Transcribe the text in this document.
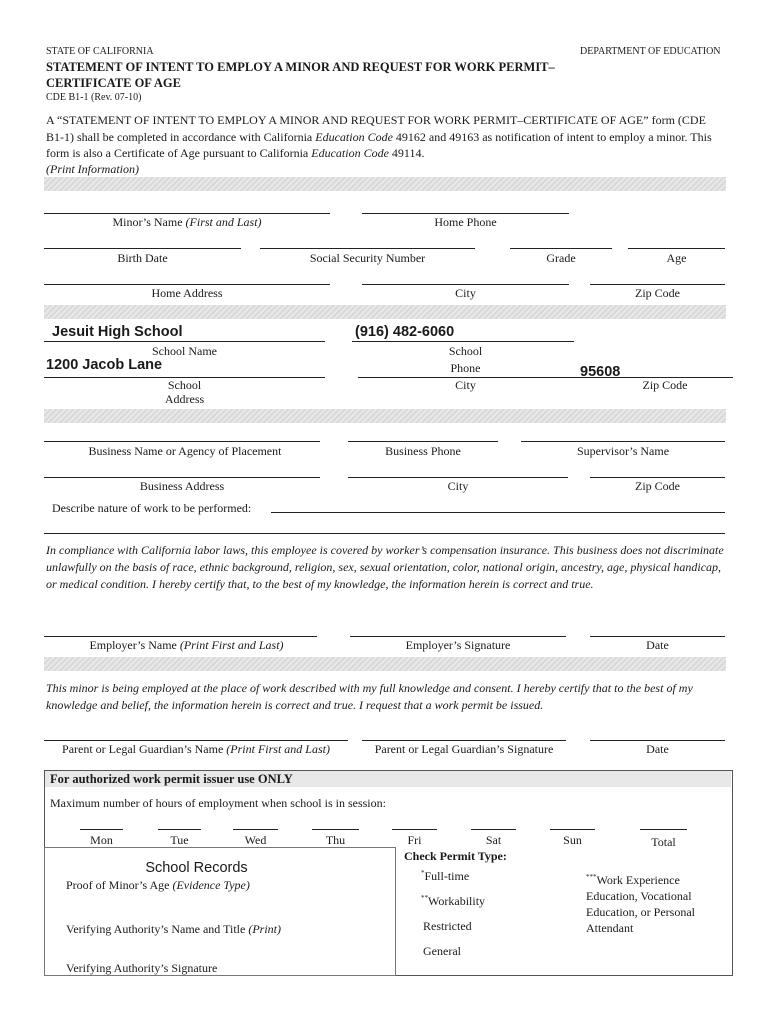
STATE OF CALIFORNIA	DEPARTMENT OF EDUCATION
STATEMENT OF INTENT TO EMPLOY A MINOR AND REQUEST FOR WORK PERMIT–
CERTIFICATE OF AGE
CDE B1-1 (Rev. 07-10)
A “STATEMENT OF INTENT TO EMPLOY A MINOR AND REQUEST FOR WORK PERMIT–CERTIFICATE OF AGE” form (CDE B1-1) shall be completed in accordance with California Education Code 49162 and 49163 as notification of intent to employ a minor. This form is also a Certificate of Age pursuant to California Education Code 49114.
(Print Information)
Minor’s Name (First and Last)	Home Phone
Birth Date	Social Security Number	Grade	Age
Home Address	City	Zip Code
Jesuit High School	(916) 482-6060
School Name	School
Phone
1200 Jacob Lane	95608
School
Address
City	Zip Code
Business Name or Agency of Placement	Business Phone	Supervisor’s Name
Business Address	City	Zip Code
Describe nature of work to be performed:
In compliance with California labor laws, this employee is covered by worker’s compensation insurance. This business does not discriminate unlawfully on the basis of race, ethnic background, religion, sex, sexual orientation, color, national origin, ancestry, age, physical handicap, or medical condition. I hereby certify that, to the best of my knowledge, the information herein is correct and true.
Employer’s Name (Print First and Last)	Employer’s Signature	Date
This minor is being employed at the place of work described with my full knowledge and consent. I hereby certify that to the best of my knowledge and belief, the information herein is correct and true. I request that a work permit be issued.
Parent or Legal Guardian’s Name (Print First and Last)	Parent or Legal Guardian’s Signature	Date
For authorized work permit issuer use ONLY
Maximum number of hours of employment when school is in session:
Mon	Tue	Wed	Thu	Fri	Sat	Sun	Total
School Records
Proof of Minor’s Age (Evidence Type)
Verifying Authority’s Name and Title (Print)
Verifying Authority’s Signature
Check Permit Type:
*Full-time
**Workability
Restricted
General
***Work Experience
Education, Vocational
Education, or Personal
Attendant
